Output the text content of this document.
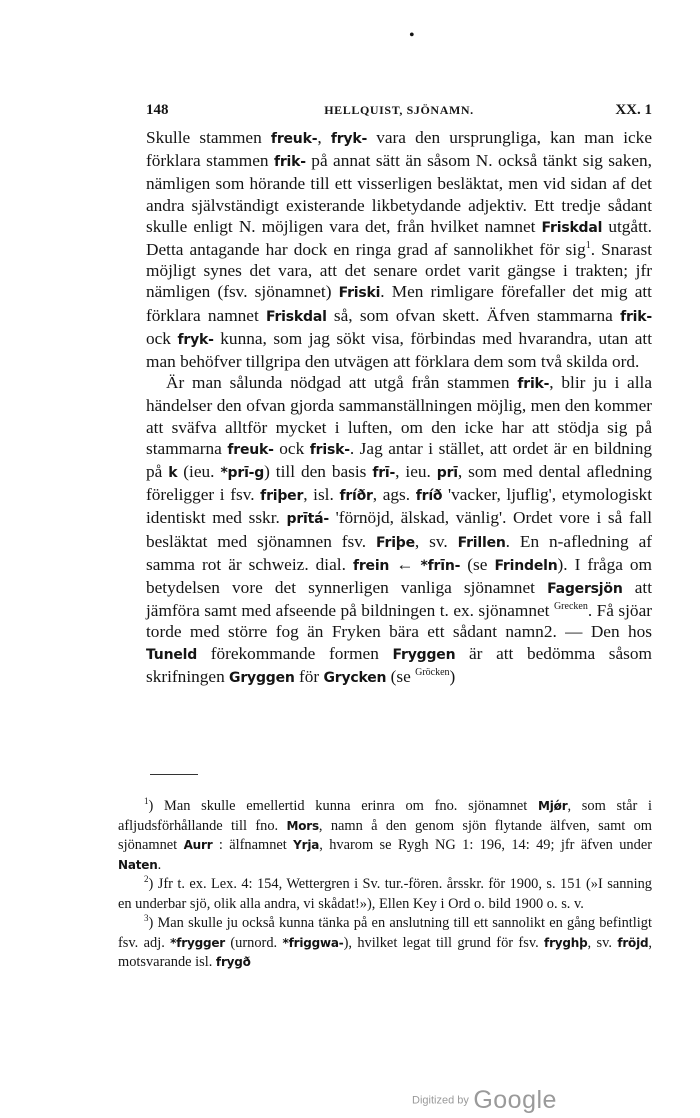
•
148	HELLQUIST, SJÖNAMN.	XX. 1

Skulle stammen freuk-, fryk- vara den ursprungliga, kan man icke förklara stammen frik- på annat sätt än såsom N. också tänkt sig saken, nämligen som hörande till ett visserligen besläktat, men vid sidan af det andra självständigt existerande likbetydande adjektiv. Ett tredje sådant skulle enligt N. möjligen vara det, från hvilket namnet Friskdal utgått. Detta antagande har dock en ringa grad af sannolikhet för sig$^1$. Snarast möjligt synes det vara, att det senare ordet varit gängse i trakten; jfr nämligen (fsv. sjönamnet) Friski. Men rimligare förefaller det mig att förklara namnet Friskdal så, som ofvan skett. Äfven stammarna frik- ock fryk- kunna, som jag sökt visa, förbindas med hvarandra, utan att man behöfver tillgripa den utvägen att förklara dem som två skilda ord.

Är man sålunda nödgad att utgå från stammen frik-, blir ju i alla händelser den ofvan gjorda sammanställningen möjlig, men den kommer att sväfva alltför mycket i luften, om den icke har att stödja sig på stammarna freuk- ock frisk-. Jag antar i stället, att ordet är en bildning på k (ieu. *prī-g) till den basis frī-, ieu. prī, som med dental afledning föreligger i fsv. friþer, isl. fríðr, ags. fríð 'vacker, ljuflig', etymologiskt identiskt med sskr. prītá- 'förnöjd, älskad, vänlig'. Ordet vore i så fall besläktat med sjönamnen fsv. Friþe, sv. Frillen. En n-afledning af samma rot är schweiz. dial. frein ← *frīn- (se Frindeln). I fråga om betydelsen vore det synnerligen vanliga sjönamnet Fagersjön att jämföra samt med afseende på bildningen t. ex. sjönamnet $^{Grecken}$. Få sjöar torde med större fog än Fryken bära ett sådant namn2. — Den hos Tuneld förekommande formen Fryggen är att bedömma såsom skrifningen Gryggen för Grycken (se $^{Gröcken}$)

$^1$) Man skulle emellertid kunna erinra om fno. sjönamnet Mjǿr, som står i afljudsförhållande till fno. Mors, namn å den genom sjön flytande älfven, samt om sjönamnet Aurr : älfnamnet Yrja, hvarom se Rygh NG 1: 196, 14: 49; jfr äfven under Naten.

$^2$) Jfr t. ex. Lex. 4: 154, Wettergren i Sv. tur.-fören. årsskr. för 1900, s. 151 (»I sanning en underbar sjö, olik alla andra, vi skådat!»), Ellen Key i Ord o. bild 1900 o. s. v.

$^3$) Man skulle ju också kunna tänka på en anslutning till ett sannolikt en gång befintligt fsv. adj. *frygger (urnord. *friggwa-), hvilket legat till grund för fsv. fryghþ, sv. fröjd, motsvarande isl. frygð

Digitized by Google
